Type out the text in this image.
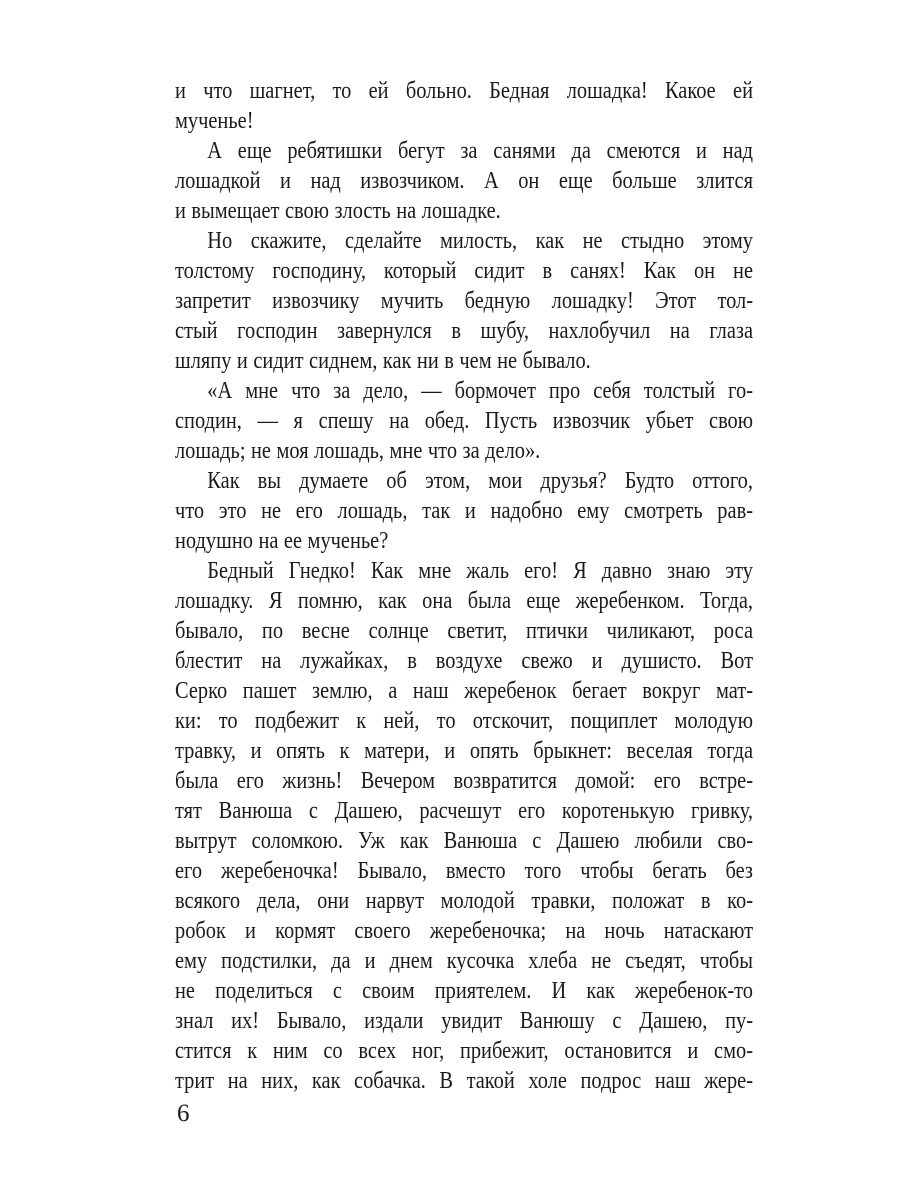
и что шагнет, то ей больно. Бедная лошадка! Какое ей
мученье!
А еще ребятишки бегут за санями да смеются и над
лошадкой и над извозчиком. А он еще больше злится
и вымещает свою злость на лошадке.
Но скажите, сделайте милость, как не стыдно этому
толстому господину, который сидит в санях! Как он не
запретит извозчику мучить бедную лошадку! Этот тол-
стый господин завернулся в шубу, нахлобучил на глаза
шляпу и сидит сиднем, как ни в чем не бывало.
«А мне что за дело, — бормочет про себя толстый го-
сподин, — я спешу на обед. Пусть извозчик убьет свою
лошадь; не моя лошадь, мне что за дело».
Как вы думаете об этом, мои друзья? Будто оттого,
что это не его лошадь, так и надобно ему смотреть рав-
нодушно на ее мученье?
Бедный Гнедко! Как мне жаль его! Я давно знаю эту
лошадку. Я помню, как она была еще жеребенком. Тогда,
бывало, по весне солнце светит, птички чиликают, роса
блестит на лужайках, в воздухе свежо и душисто. Вот
Серко пашет землю, а наш жеребенок бегает вокруг мат-
ки: то подбежит к ней, то отскочит, пощиплет молодую
травку, и опять к матери, и опять брыкнет: веселая тогда
была его жизнь! Вечером возвратится домой: его встре-
тят Ванюша с Дашею, расчешут его коротенькую гривку,
вытрут соломкою. Уж как Ванюша с Дашею любили сво-
его жеребеночка! Бывало, вместо того чтобы бегать без
всякого дела, они нарвут молодой травки, положат в ко-
робок и кормят своего жеребеночка; на ночь натаскают
ему подстилки, да и днем кусочка хлеба не съедят, чтобы
не поделиться с своим приятелем. И как жеребенок-то
знал их! Бывало, издали увидит Ванюшу с Дашею, пу-
стится к ним со всех ног, прибежит, остановится и смо-
трит на них, как собачка. В такой холе подрос наш жере-
6
